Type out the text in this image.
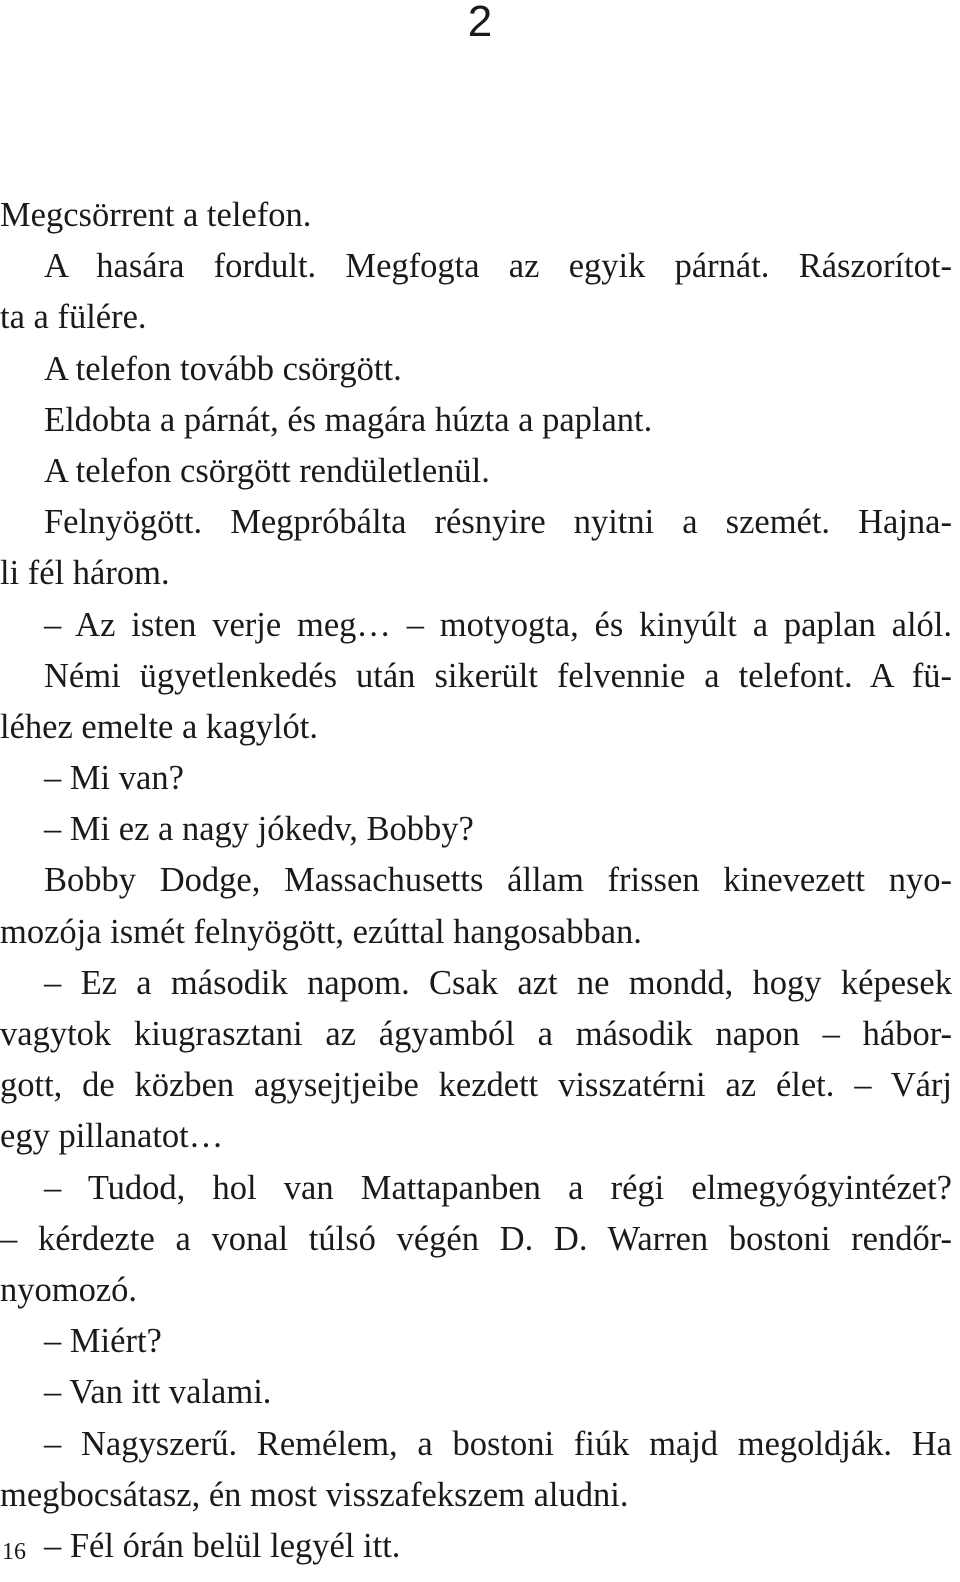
2
Megcsörrent a telefon.
A hasára fordult. Megfogta az egyik párnát. Rászorítot-
ta a fülére.
A telefon tovább csörgött.
Eldobta a párnát, és magára húzta a paplant.
A telefon csörgött rendületlenül.
Felnyögött. Megpróbálta résnyire nyitni a szemét. Hajna-
li fél három.
– Az isten verje meg… – motyogta, és kinyúlt a paplan alól.
Némi ügyetlenkedés után sikerült felvennie a telefont. A fü-
léhez emelte a kagylót.
– Mi van?
– Mi ez a nagy jókedv, Bobby?
Bobby Dodge, Massachusetts állam frissen kinevezett nyo-
mozója ismét felnyögött, ezúttal hangosabban.
– Ez a második napom. Csak azt ne mondd, hogy képesek
vagytok kiugrasztani az ágyamból a második napon – hábor-
gott, de közben agysejtjeibe kezdett visszatérni az élet. – Várj
egy pillanatot…
– Tudod, hol van Mattapanben a régi elmegyógyintézet?
– kérdezte a vonal túlsó végén D. D. Warren bostoni rendőr-
nyomozó.
– Miért?
– Van itt valami.
– Nagyszerű. Remélem, a bostoni fiúk majd megoldják. Ha
megbocsátasz, én most visszafekszem aludni.
– Fél órán belül legyél itt.
16
